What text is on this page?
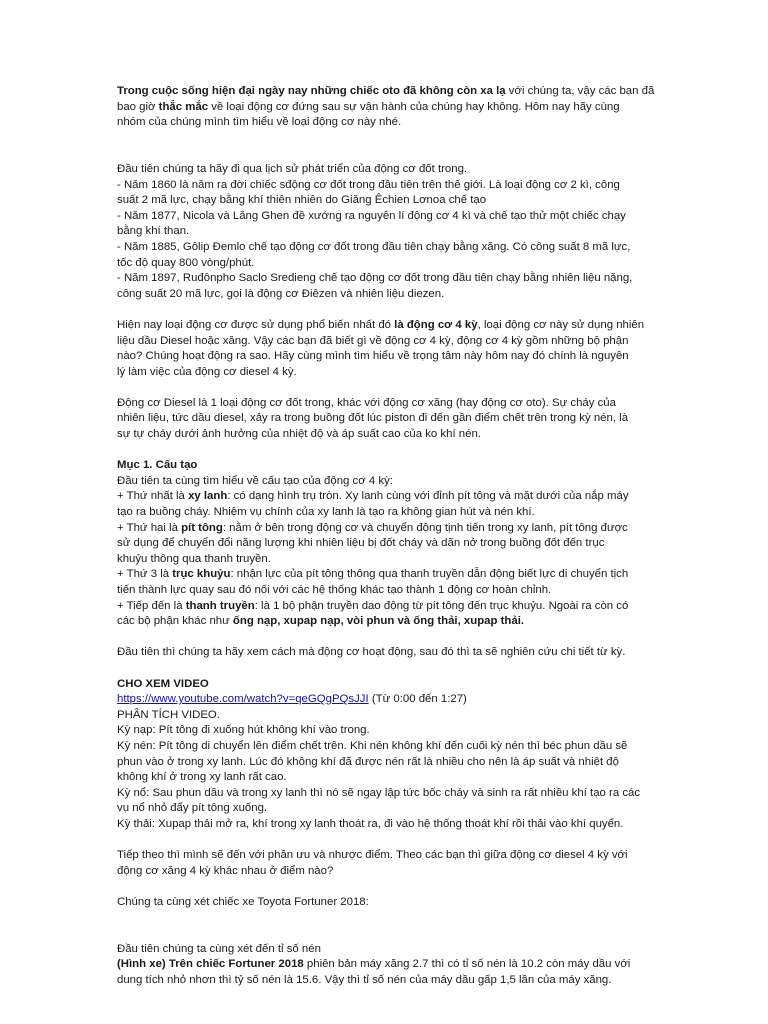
Trong cuộc sống hiện đại ngày nay những chiếc oto đã không còn xa lạ với chúng ta, vậy các bạn đã
bao giờ thắc mắc về loại động cơ đứng sau sự vận hành của chúng hay không. Hôm nay hãy cùng
nhóm của chúng mình tìm hiểu về loại động cơ này nhé.
Đầu tiên chúng ta hãy đi qua lịch sử phát triển của động cơ đốt trong.
- Năm 1860 là năm ra đời chiếc sđộng cơ đốt trong đầu tiên trên thế giới. Là loại động cơ 2 kì, công
suất 2 mã lực, chạy bằng khí thiên nhiên do Giăng Êchien Lơnoa chế tạo
- Năm 1877, Nicola và Lăng Ghen đề xướng ra nguyên lí động cơ 4 kì và chế tạo thử một chiếc chạy
bằng khí than.
- Năm 1885, Gôlip Đemlo chế tạo động cơ đốt trong đầu tiên chạy bằng xăng. Có công suất 8 mã lực,
tốc độ quay 800 vòng/phút.
- Năm 1897, Ruđônpho Saclo Sredieng chế tạo động cơ đốt trong đầu tiên chạy bằng nhiên liệu nặng,
công suất 20 mã lực, gọi là động cơ Điêzen và nhiên liệu diezen.
Hiện nay loại động cơ được sử dụng phổ biến nhất đó là động cơ 4 kỳ, loại động cơ này sử dụng nhiên
liệu dầu Diesel hoặc xăng. Vậy các bạn đã biết gì về động cơ 4 kỳ, động cơ 4 kỳ gồm những bộ phận
nào? Chúng hoạt động ra sao. Hãy cùng mình tìm hiểu về trọng tâm này hôm nay đó chính là nguyên
lý làm việc của động cơ diesel 4 kỳ.
Động cơ Diesel là 1 loại động cơ đốt trong, khác với động cơ xăng (hay động cơ oto). Sự cháy của
nhiên liệu, tức dầu diesel, xảy ra trong buồng đốt lúc piston đi đến gần điểm chết trên trong kỳ nén, là
sự tự cháy dưới ảnh hưởng của nhiệt độ và áp suất cao của ko khí nén.
Mục 1. Cấu tạo
Đầu tiên ta cùng tìm hiểu về cấu tạo của động cơ 4 kỳ:
+ Thứ nhất là xy lanh: có dạng hình trụ tròn. Xy lanh cùng với đỉnh pít tông và mặt dưới của nắp máy
tạo ra buồng cháy. Nhiệm vụ chính của xy lanh là tạo ra không gian hút và nén khí.
+ Thứ hai là pít tông: nằm ở bên trong động cơ và chuyển động tịnh tiến trong xy lanh, pít tông được
sử dụng để chuyển đổi năng lượng khi nhiên liệu bị đốt cháy và dãn nở trong buồng đốt đến trục
khuỷu thông qua thanh truyền.
+ Thứ 3 là trục khuỷu: nhận lực của pít tông thông qua thanh truyền dẫn động biết lực di chuyển tịch
tiến thành lực quay sau đó nối với các hệ thống khác tạo thành 1 động cơ hoàn chỉnh.
+ Tiếp đến là thanh truyền: là 1 bộ phận truyền dao động từ pít tông đến trục khuỷu. Ngoài ra còn có
các bộ phận khác như ống nạp, xupap nạp, vòi phun và ống thải, xupap thải.
Đầu tiên thì chúng ta hãy xem cách mà động cơ hoạt động, sau đó thì ta sẽ nghiên cứu chi tiết từ kỳ.
CHO XEM VIDEO
https://www.youtube.com/watch?v=qeGQgPQsJJI (Từ 0:00 đến 1:27)
PHÂN TÍCH VIDEO.
Kỳ nạp: Pít tông đi xuống hút không khí vào trong.
Kỳ nén: Pít tông di chuyển lên điểm chết trên. Khi nén không khí đến cuối kỳ nén thì béc phun dầu sẽ
phun vào ở trong xy lanh. Lúc đó không khí đã được nén rất là nhiều cho nên là áp suất và nhiệt độ
không khí ở trong xy lanh rất cao.
Kỳ nổ: Sau phun dầu và trong xy lanh thì nó sẽ ngay lập tức bốc cháy và sinh ra rất nhiều khí tạo ra các
vụ nổ nhỏ đẩy pít tông xuống.
Kỳ thải: Xupap thải mở ra, khí trong xy lanh thoát ra, đi vào hệ thống thoát khí rồi thải vào khí quyển.
Tiếp theo thì mình sẽ đến với phần ưu và nhược điểm. Theo các bạn thì giữa động cơ diesel 4 kỳ với
động cơ xăng 4 kỳ khác nhau ở điểm nào?
Chúng ta cùng xét chiếc xe Toyota Fortuner 2018:
Đầu tiên chúng ta cùng xét đến tỉ số nén
(Hình xe) Trên chiếc Fortuner 2018 phiên bản máy xăng 2.7 thì có tỉ số nén là 10.2 còn máy dầu với
dung tích nhỏ nhơn thì tỷ số nén là 15.6. Vậy thì tỉ số nén của máy dầu gấp 1,5 lần của máy xăng.
